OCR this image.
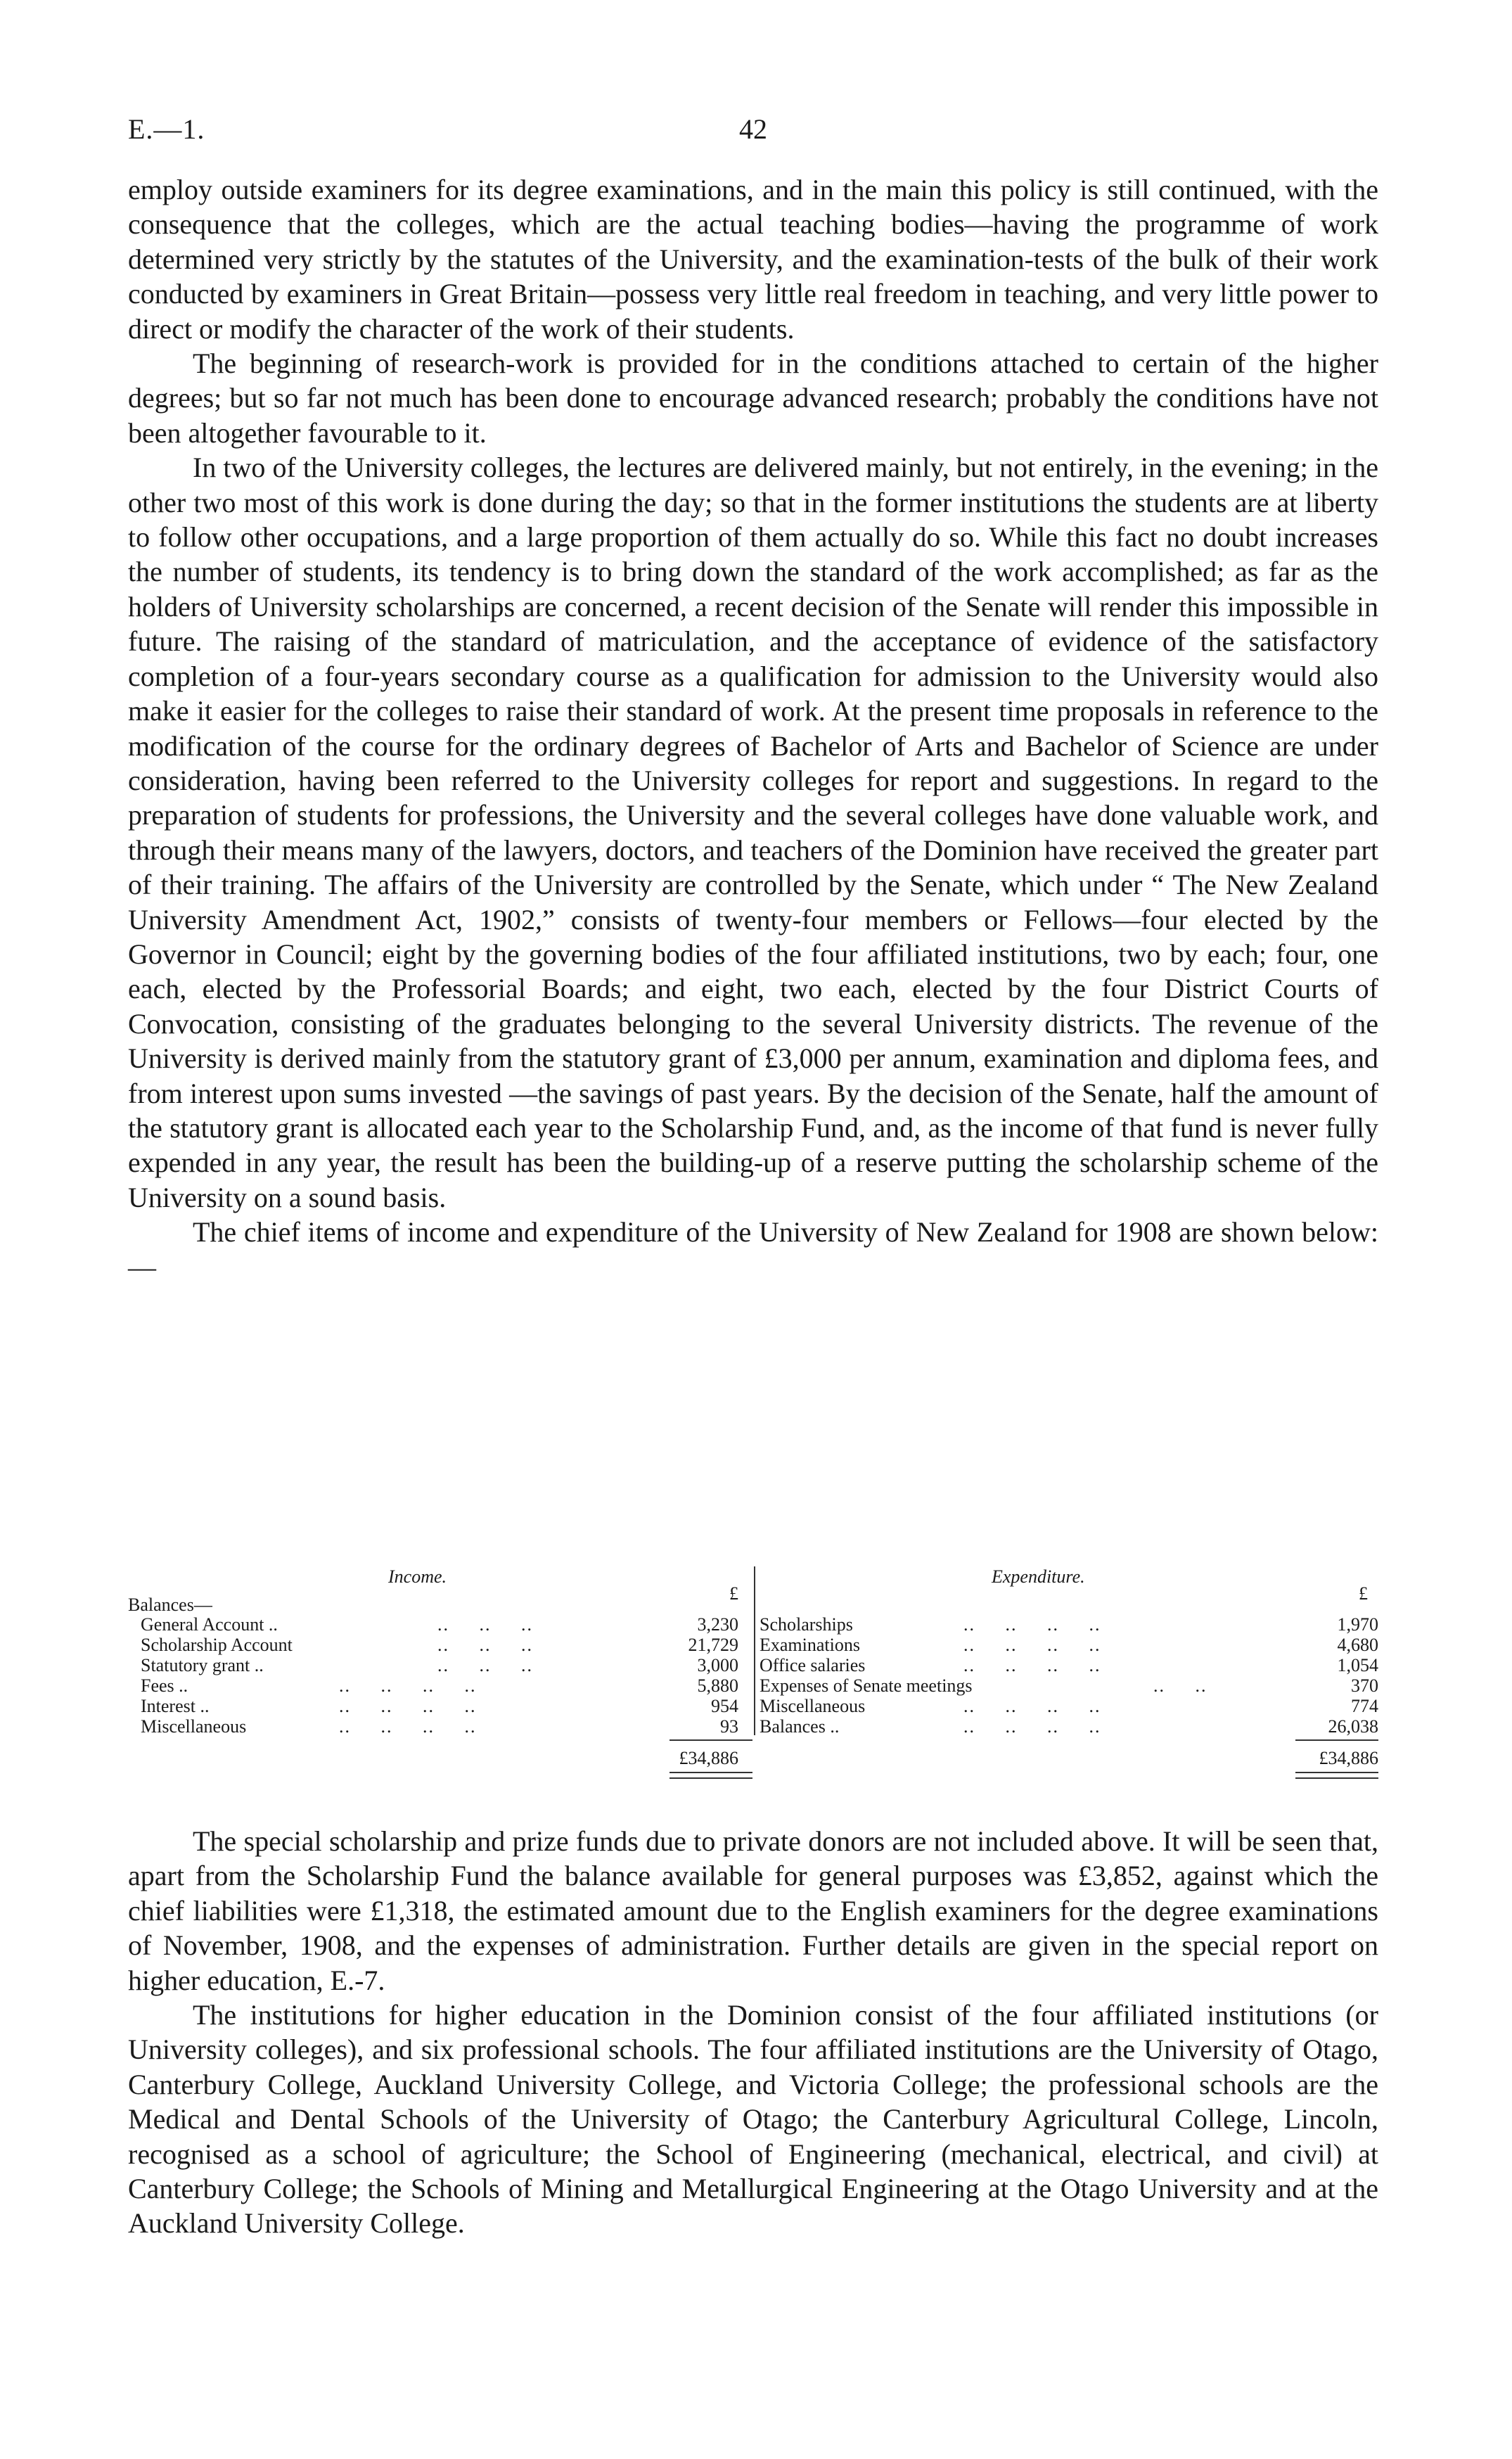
E.—1.	42

employ outside examiners for its degree examinations, and in the main this policy is still continued, with the consequence that the colleges, which are the actual teaching bodies—having the programme of work determined very strictly by the statutes of the University, and the examination-tests of the bulk of their work conducted by examiners in Great Britain—possess very little real freedom in teaching, and very little power to direct or modify the character of the work of their students.

The beginning of research-work is provided for in the conditions attached to certain of the higher degrees; but so far not much has been done to encourage advanced research; probably the conditions have not been altogether favourable to it.

In two of the University colleges, the lectures are delivered mainly, but not entirely, in the evening; in the other two most of this work is done during the day; so that in the former institutions the students are at liberty to follow other occupations, and a large proportion of them actually do so. While this fact no doubt increases the number of students, its tendency is to bring down the standard of the work accomplished; as far as the holders of University scholarships are concerned, a recent decision of the Senate will render this impossible in future. The raising of the standard of matriculation, and the acceptance of evidence of the satisfactory completion of a four-years secondary course as a qualification for admission to the University would also make it easier for the colleges to raise their standard of work. At the present time proposals in reference to the modification of the course for the ordinary degrees of Bachelor of Arts and Bachelor of Science are under consideration, having been referred to the University colleges for report and suggestions. In regard to the preparation of students for professions, the University and the several colleges have done valuable work, and through their means many of the lawyers, doctors, and teachers of the Dominion have received the greater part of their training. The affairs of the University are controlled by the Senate, which under “ The New Zealand University Amendment Act, 1902,” consists of twenty-four members or Fellows—four elected by the Governor in Council; eight by the governing bodies of the four affiliated institutions, two by each; four, one each, elected by the Professorial Boards; and eight, two each, elected by the four District Courts of Convocation, consisting of the graduates belonging to the several University districts. The revenue of the University is derived mainly from the statutory grant of £3,000 per annum, examination and diploma fees, and from interest upon sums invested —the savings of past years. By the decision of the Senate, half the amount of the statutory grant is allocated each year to the Scholarship Fund, and, as the income of that fund is never fully expended in any year, the result has been the building-up of a reserve putting the scholarship scheme of the University on a sound basis.

The chief items of income and expenditure of the University of New Zealand for 1908 are shown below: —

Income.
£
Balances—
General Account ..	..     ..     ..	3,230
Scholarship Account	..     ..     ..	21,729
Statutory grant ..	..     ..     ..	3,000
Fees ..	..     ..     ..     ..	5,880
Interest ..	..     ..     ..     ..	954
Miscellaneous	..     ..     ..     ..	93
£34,886
Expenditure.
£
Scholarships	..     ..     ..     ..	1,970
Examinations	..     ..     ..     ..	4,680
Office salaries	..     ..     ..     ..	1,054
Expenses of Senate meetings	..     ..	370
Miscellaneous	..     ..     ..     ..	774
Balances ..	..     ..     ..     ..	26,038
£34,886

The special scholarship and prize funds due to private donors are not included above. It will be seen that, apart from the Scholarship Fund the balance available for general purposes was £3,852, against which the chief liabilities were £1,318, the estimated amount due to the English examiners for the degree examinations of November, 1908, and the expenses of administration. Further details are given in the special report on higher education, E.-7.

The institutions for higher education in the Dominion consist of the four affiliated institutions (or University colleges), and six professional schools. The four affiliated institutions are the University of Otago, Canterbury College, Auckland University College, and Victoria College; the professional schools are the Medical and Dental Schools of the University of Otago; the Canterbury Agricultural College, Lincoln, recognised as a school of agriculture; the School of Engineering (mechanical, electrical, and civil) at Canterbury College; the Schools of Mining and Metallurgical Engineering at the Otago University and at the Auckland University College.
